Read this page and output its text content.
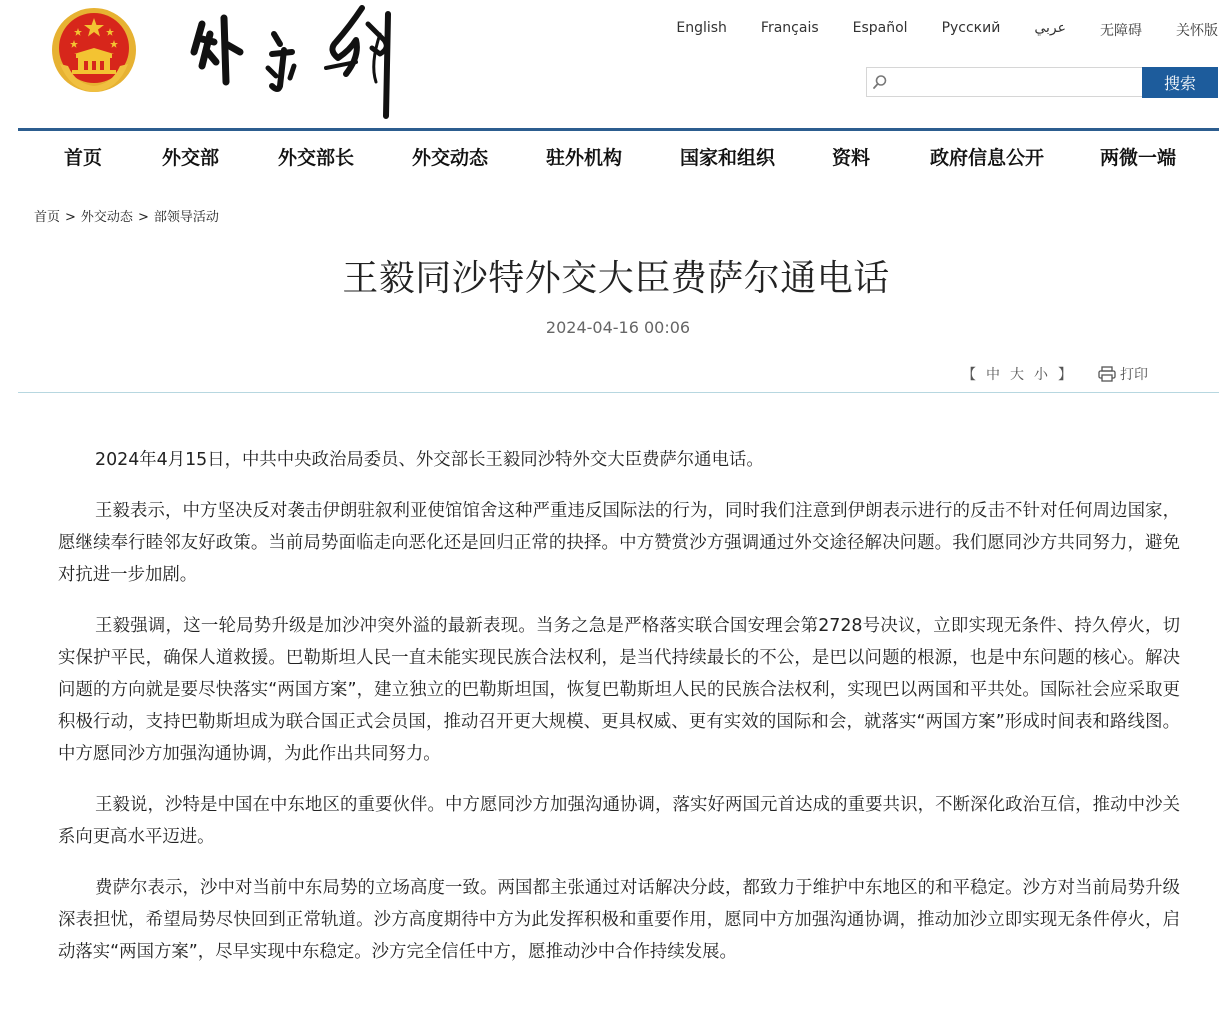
English Français Español Русский عربي 无障碍 关怀版
搜索
首页	外交部	外交部长	外交动态	驻外机构	国家和组织	资料	政府信息公开	两微一端
首页 > 外交动态 > 部领导活动
王毅同沙特外交大臣费萨尔通电话
2024-04-16 00:06
【 中 大 小 】	打印

2024年4月15日，中共中央政治局委员、外交部长王毅同沙特外交大臣费萨尔通电话。

王毅表示，中方坚决反对袭击伊朗驻叙利亚使馆馆舍这种严重违反国际法的行为，同时我们注意到伊朗表示进行的反击不针对任何周边国家，愿继续奉行睦邻友好政策。当前局势面临走向恶化还是回归正常的抉择。中方赞赏沙方强调通过外交途径解决问题。我们愿同沙方共同努力，避免对抗进一步加剧。

王毅强调，这一轮局势升级是加沙冲突外溢的最新表现。当务之急是严格落实联合国安理会第2728号决议，立即实现无条件、持久停火，切实保护平民，确保人道救援。巴勒斯坦人民一直未能实现民族合法权利，是当代持续最长的不公，是巴以问题的根源，也是中东问题的核心。解决问题的方向就是要尽快落实“两国方案”，建立独立的巴勒斯坦国，恢复巴勒斯坦人民的民族合法权利，实现巴以两国和平共处。国际社会应采取更积极行动，支持巴勒斯坦成为联合国正式会员国，推动召开更大规模、更具权威、更有实效的国际和会，就落实“两国方案”形成时间表和路线图。中方愿同沙方加强沟通协调，为此作出共同努力。

王毅说，沙特是中国在中东地区的重要伙伴。中方愿同沙方加强沟通协调，落实好两国元首达成的重要共识，不断深化政治互信，推动中沙关系向更高水平迈进。

费萨尔表示，沙中对当前中东局势的立场高度一致。两国都主张通过对话解决分歧，都致力于维护中东地区的和平稳定。沙方对当前局势升级深表担忧，希望局势尽快回到正常轨道。沙方高度期待中方为此发挥积极和重要作用，愿同中方加强沟通协调，推动加沙立即实现无条件停火，启动落实“两国方案”，尽早实现中东稳定。沙方完全信任中方，愿推动沙中合作持续发展。
